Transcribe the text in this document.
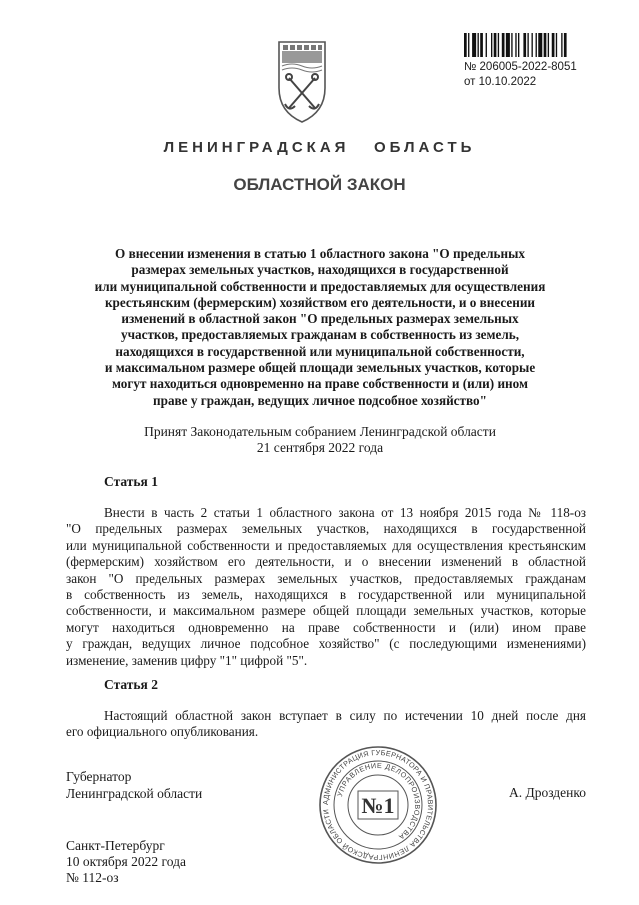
№ 206005-2022-8051
от 10.10.2022
ЛЕНИНГРАДСКАЯ   ОБЛАСТЬ
ОБЛАСТНОЙ ЗАКОН
О внесении изменения в статью 1 областного закона "О предельных
размерах земельных участков, находящихся в государственной
или муниципальной собственности и предоставляемых для осуществления
крестьянским (фермерским) хозяйством его деятельности, и о внесении
изменений в областной закон "О предельных размерах земельных
участков, предоставляемых гражданам в собственность из земель,
находящихся в государственной или муниципальной собственности,
и максимальном размере общей площади земельных участков, которые
могут находиться одновременно на праве собственности и (или) ином
праве у граждан, ведущих личное подсобное хозяйство"
Принят Законодательным собранием Ленинградской области
21 сентября 2022 года
Статья 1
Внести в часть 2 статьи 1 областного закона от 13 ноября 2015 года № 118-оз
"О предельных размерах земельных участков, находящихся в государственной
или муниципальной собственности и предоставляемых для осуществления крестьянским
(фермерским) хозяйством его деятельности, и о внесении изменений в областной
закон "О предельных размерах земельных участков, предоставляемых гражданам
в собственность из земель, находящихся в государственной или муниципальной
собственности, и максимальном размере общей площади земельных участков, которые
могут находиться одновременно на праве собственности и (или) ином праве
у граждан, ведущих личное подсобное хозяйство" (с последующими изменениями)
изменение, заменив цифру "1" цифрой "5".
Статья 2
Настоящий областной закон вступает в силу по истечении 10 дней после дня
его официального опубликования.
Губернатор
Ленинградской области
АДМИНИСТРАЦИЯ ГУБЕРНАТОРА И ПРАВИТЕЛЬСТВА ЛЕНИНГРАДСКОЙ ОБЛАСТИ
УПРАВЛЕНИЕ ДЕЛОПРОИЗВОДСТВА
№1
А. Дрозденко
Санкт-Петербург
10 октября 2022 года
№ 112-оз
